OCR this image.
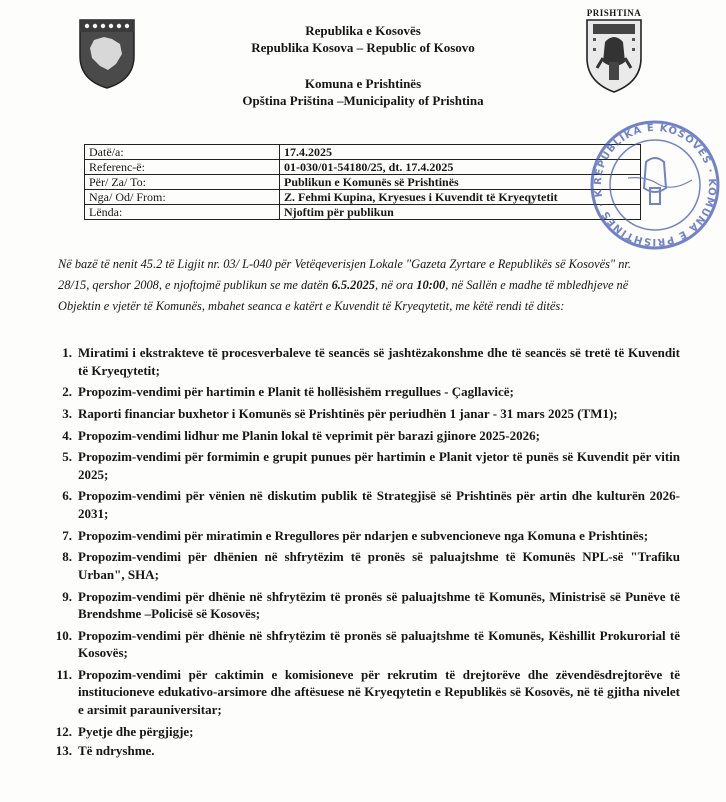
Republika e Kosovës
Republika Kosova – Republic of Kosovo
Komuna e Prishtinës
Opština Priština –Municipality of Prishtina
PRISHTINA
Datë/a:	17.4.2025
Referenc-ë:	01-030/01-54180/25, dt. 17.4.2025
Për/ Za/ To:	Publikun e Komunës së Prishtinës
Nga/ Od/ From:	Z. Fehmi Kupina, Kryesues i Kuvendit të Kryeqytetit
Lënda:	Njoftim për publikun
REPUBLIKA E KOSOVËS · KOMUNA E PRISHTINËS · K
Në bazë të nenit 45.2 të Ligjit nr. 03/ L-040 për Vetëqeverisjen Lokale "Gazeta Zyrtare e Republikës së Kosovës" nr. 28/15, qershor 2008, e njoftojmë publikun se me datën 6.5.2025, në ora 10:00, në Sallën e madhe të mbledhjeve në Objektin e vjetër të Komunës, mbahet seanca e katërt e Kuvendit të Kryeqytetit, me këtë rendi të ditës:
1. Miratimi i ekstrakteve të procesverbaleve të seancës së jashtëzakonshme dhe të seancës së tretë të Kuvendit të Kryeqytetit;
2. Propozim-vendimi për hartimin e Planit të hollësishëm rregullues - Çagllavicë;
3. Raporti financiar buxhetor i Komunës së Prishtinës për periudhën 1 janar - 31 mars 2025 (TM1);
4. Propozim-vendimi lidhur me Planin lokal të veprimit për barazi gjinore 2025-2026;
5. Propozim-vendimi për formimin e grupit punues për hartimin e Planit vjetor të punës së Kuvendit për vitin 2025;
6. Propozim-vendimi për vënien në diskutim publik të Strategjisë së Prishtinës për artin dhe kulturën 2026-2031;
7. Propozim-vendimi për miratimin e Rregullores për ndarjen e subvencioneve nga Komuna e Prishtinës;
8. Propozim-vendimi për dhënien në shfrytëzim të pronës së paluajtshme të Komunës NPL-së "Trafiku Urban", SHA;
9. Propozim-vendimi për dhënie në shfrytëzim të pronës së paluajtshme të Komunës, Ministrisë së Punëve të Brendshme –Policisë së Kosovës;
10. Propozim-vendimi për dhënie në shfrytëzim të pronës së paluajtshme të Komunës, Këshillit Prokurorial të Kosovës;
11. Propozim-vendimi për caktimin e komisioneve për rekrutim të drejtorëve dhe zëvendësdrejtorëve të institucioneve edukativo-arsimore dhe aftësuese në Kryeqytetin e Republikës së Kosovës, në të gjitha nivelet e arsimit parauniversitar;
12. Pyetje dhe përgjigje;
13. Të ndryshme.
